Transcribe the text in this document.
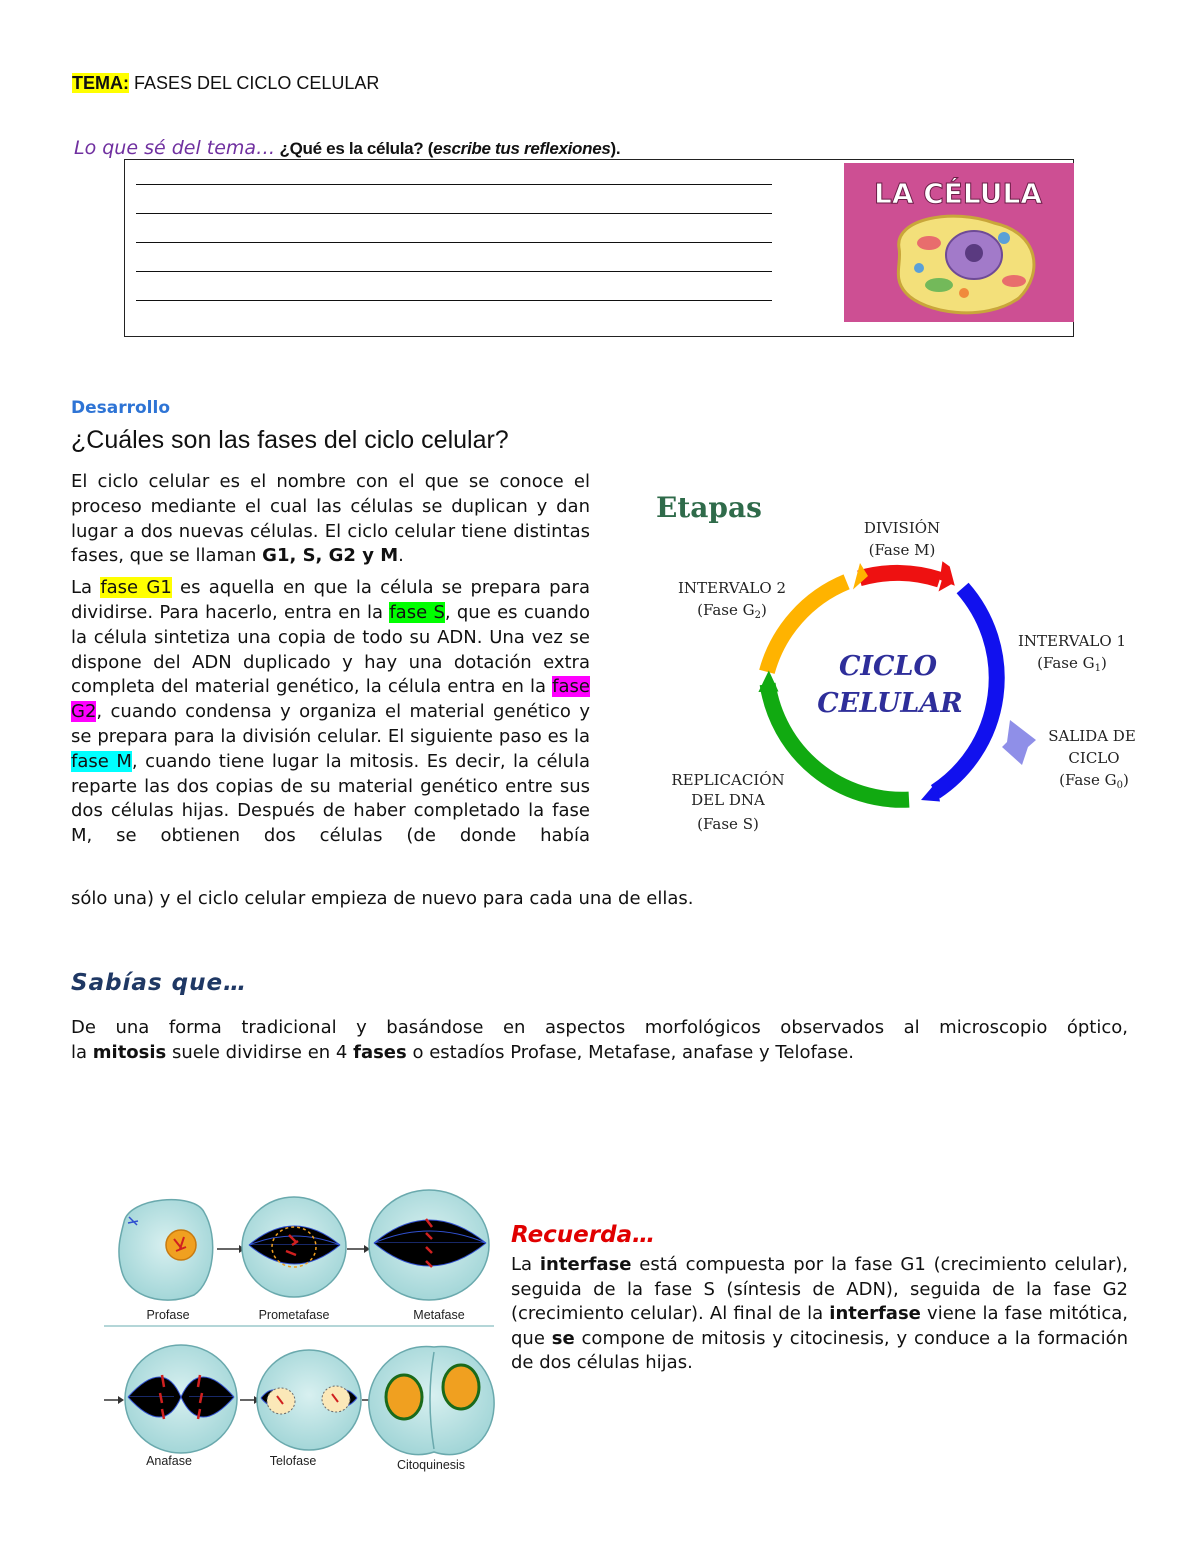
TEMA: FASES DEL CICLO CELULAR
Lo que sé del tema… ¿Qué es la célula? (escribe tus reflexiones).
LA CÉLULA
Desarrollo
¿Cuáles son las fases del ciclo celular?

El ciclo celular es el nombre con el que se conoce el proceso mediante el cual las células se duplican y dan lugar a dos nuevas células. El ciclo celular tiene distintas fases, que se llaman G1, S, G2 y M.

La fase G1 es aquella en que la célula se prepara para dividirse. Para hacerlo, entra en la fase S, que es cuando la célula sintetiza una copia de todo su ADN. Una vez se dispone del ADN duplicado y hay una dotación extra completa del material genético, la célula entra en la fase G2, cuando condensa y organiza el material genético y se prepara para la división celular. El siguiente paso es la fase M, cuando tiene lugar la mitosis. Es decir, la célula reparte las dos copias de su material genético entre sus dos células hijas. Después de haber completado la fase M, se obtienen dos células (de donde había

sólo una) y el ciclo celular empieza de nuevo para cada una de ellas.
Etapas
CICLO
CELULAR
DIVISIÓN
(Fase M)
INTERVALO 2
(Fase $G_2$)
INTERVALO 1
(Fase $G_1$)
SALIDA DE
CICLO
(Fase $G_0$)
REPLICACIÓN
DEL DNA
(Fase S)
Sabías que…
De una forma tradicional y basándose en aspectos morfológicos observados al microscopio óptico,
la mitosis suele dividirse en 4 fases o estadíos Profase, Metafase, anafase y Telofase.
Profase	Prometafase	Metafase
Anafase	Telofase	Citoquinesis
Recuerda…
La interfase está compuesta por la fase G1 (crecimiento celular), seguida de la fase S (síntesis de ADN), seguida de la fase G2 (crecimiento celular). Al final de la interfase viene la fase mitótica, que se compone de mitosis y citocinesis, y conduce a la formación de dos células hijas.
